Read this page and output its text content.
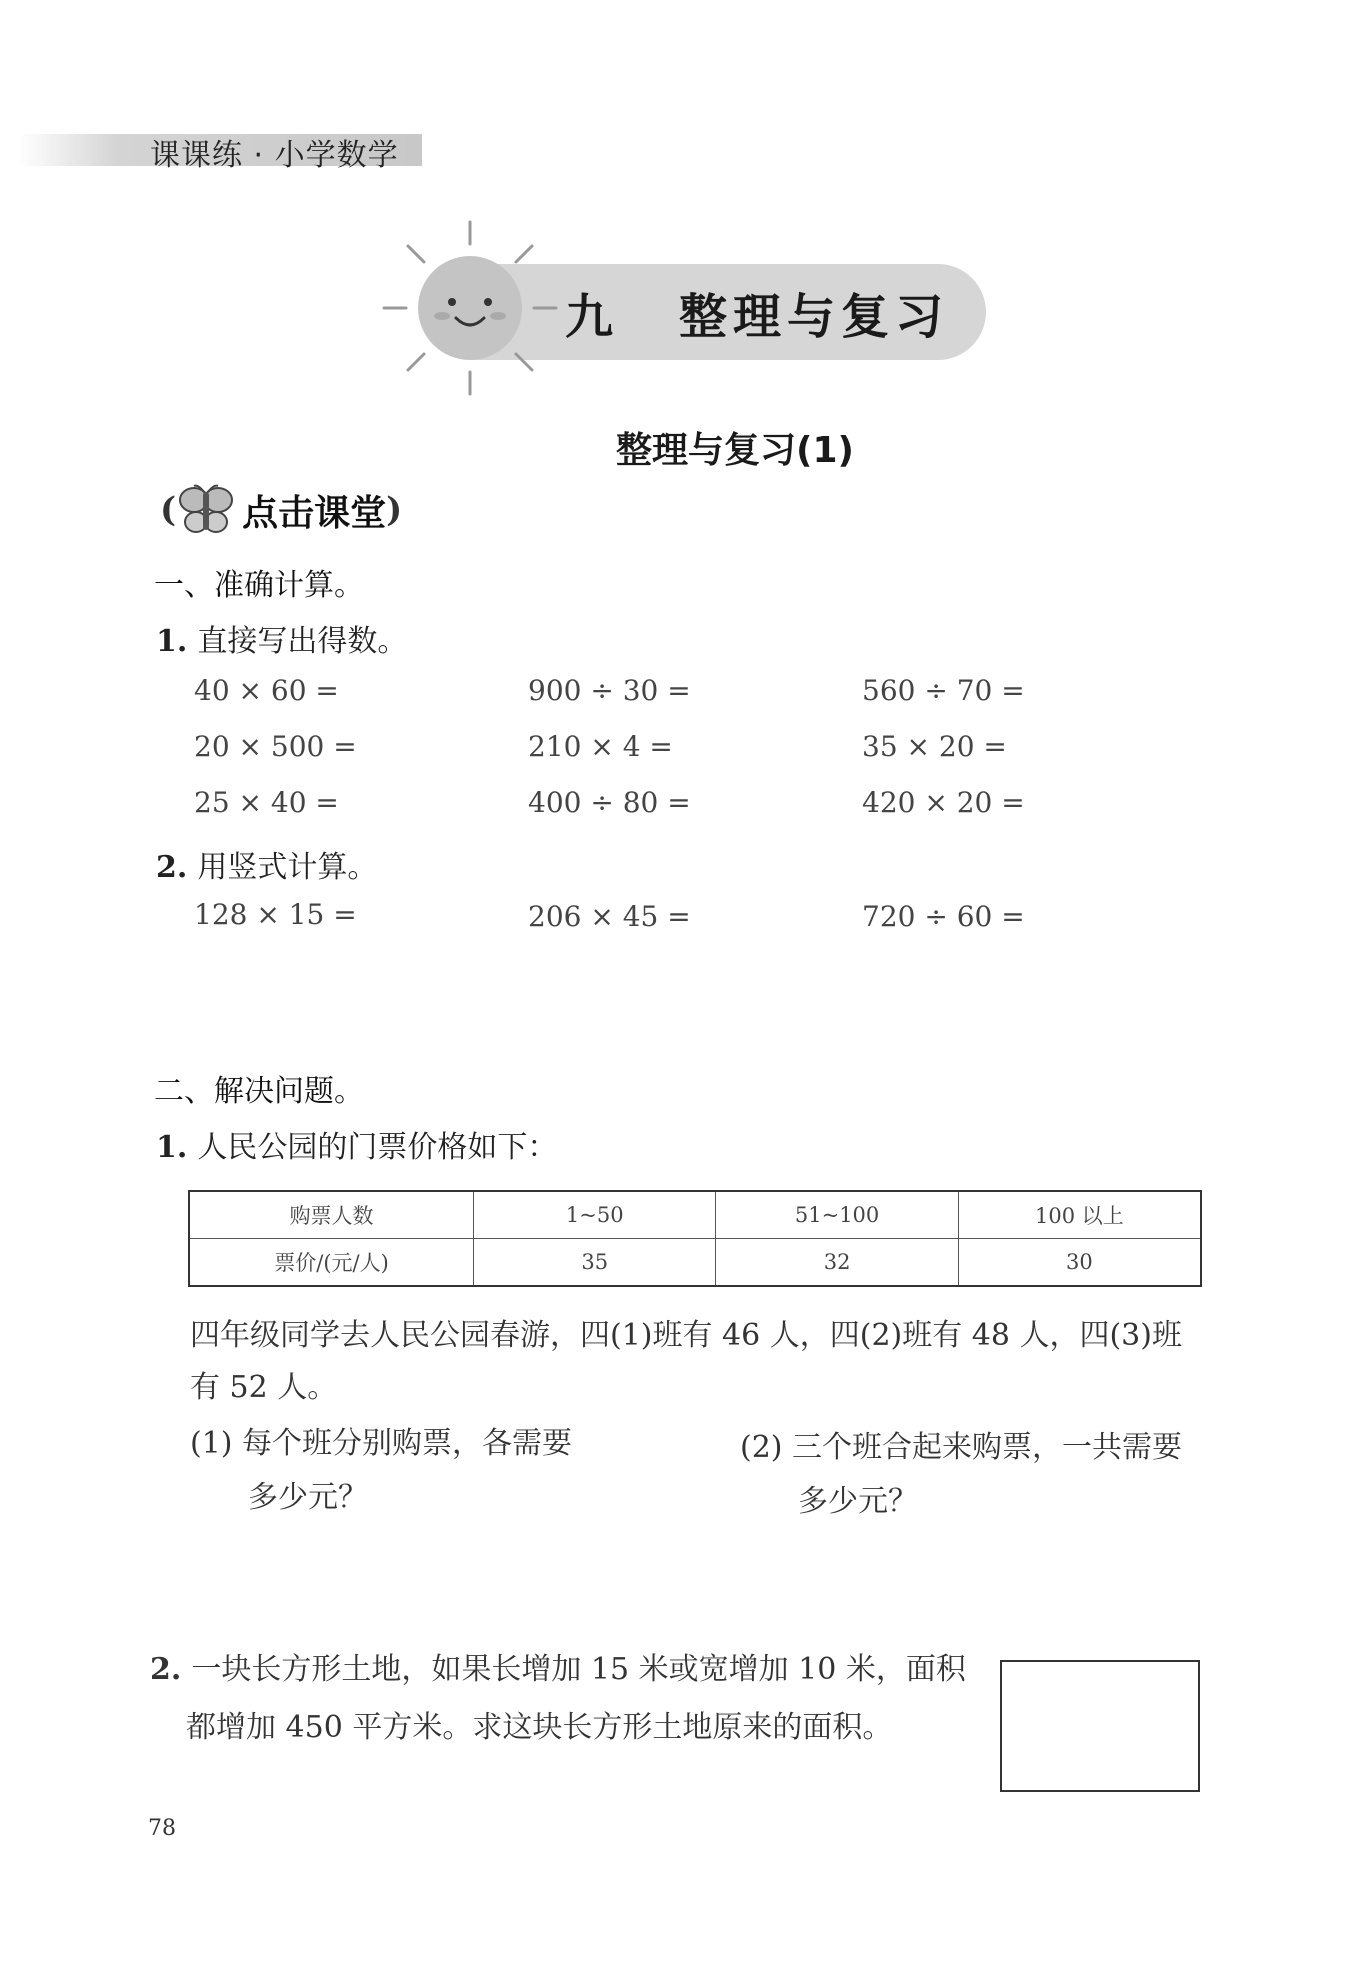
课课练 · 小学数学
九 整理与复习
整理与复习(1)
( 点击课堂 )
一、准确计算。
1. 直接写出得数。
40 × 60 =	900 ÷ 30 =	560 ÷ 70 =
20 × 500 =	210 × 4 =	35 × 20 =
25 × 40 =	400 ÷ 80 =	420 × 20 =
2. 用竖式计算。
128 × 15 =	206 × 45 =	720 ÷ 60 =
二、解决问题。
1. 人民公园的门票价格如下：
购票人数	1~50	51~100	100 以上
票价/(元/人)	35	32	30
四年级同学去人民公园春游，四(1)班有 46 人，四(2)班有 48 人，四(3)班
有 52 人。
(1) 每个班分别购票，各需要
多少元？
(2) 三个班合起来购票，一共需要
多少元？
2. 一块长方形土地，如果长增加 15 米或宽增加 10 米，面积
都增加 450 平方米。求这块长方形土地原来的面积。
78
